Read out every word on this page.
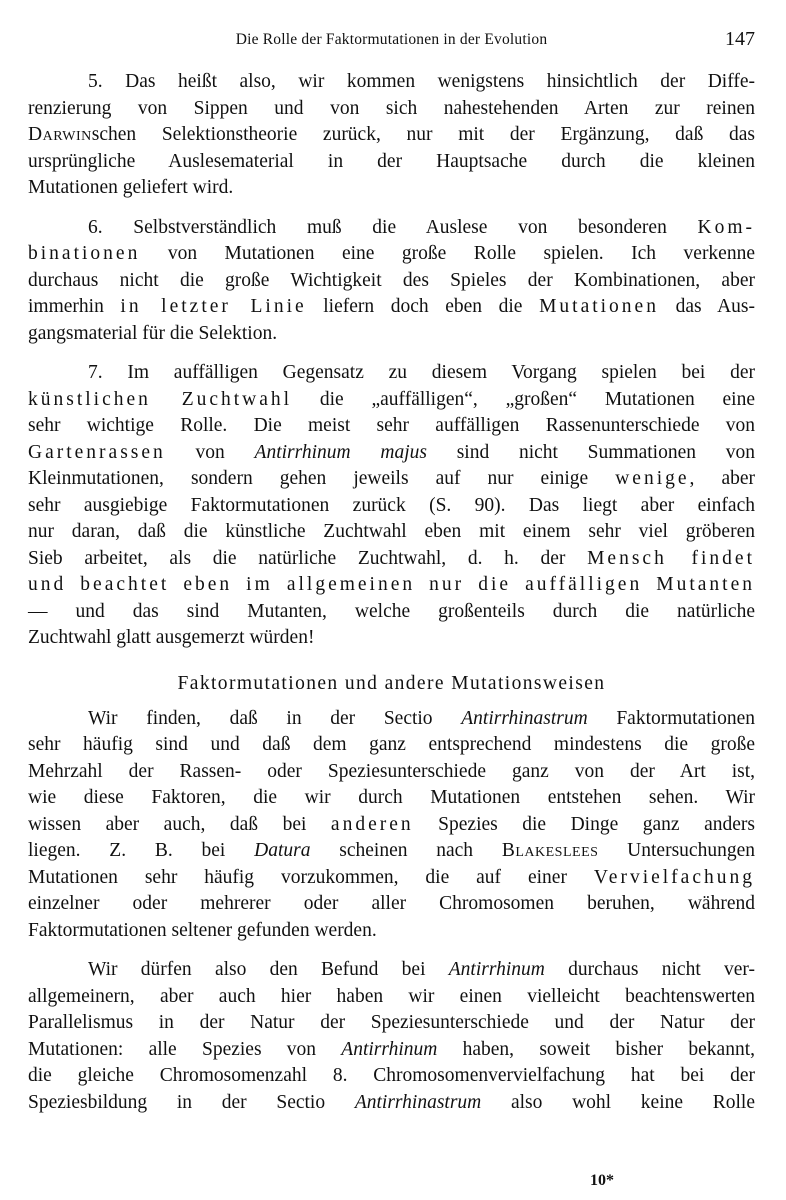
Die Rolle der Faktormutationen in der Evolution	147
5. Das heißt also, wir kommen wenigstens hinsichtlich der Diffe-
renzierung von Sippen und von sich nahestehenden Arten zur reinen
Darwinschen Selektionstheorie zurück, nur mit der Ergänzung, daß das
ursprüngliche Auslesematerial in der Hauptsache durch die kleinen
Mutationen geliefert wird.
6. Selbstverständlich muß die Auslese von besonderen Kom-
binationen von Mutationen eine große Rolle spielen. Ich verkenne
durchaus nicht die große Wichtigkeit des Spieles der Kombinationen, aber
immerhin in letzter Linie liefern doch eben die Mutationen das Aus-
gangsmaterial für die Selektion.
7. Im auffälligen Gegensatz zu diesem Vorgang spielen bei der
künstlichen Zuchtwahl die „auffälligen“, „großen“ Mutationen eine
sehr wichtige Rolle. Die meist sehr auffälligen Rassenunterschiede von
Gartenrassen von Antirrhinum majus sind nicht Summationen von
Kleinmutationen, sondern gehen jeweils auf nur einige wenige, aber
sehr ausgiebige Faktormutationen zurück (S. 90). Das liegt aber einfach
nur daran, daß die künstliche Zuchtwahl eben mit einem sehr viel gröberen
Sieb arbeitet, als die natürliche Zuchtwahl, d. h. der Mensch findet
und beachtet eben im allgemeinen nur die auffälligen Mutanten
— und das sind Mutanten, welche großenteils durch die natürliche
Zuchtwahl glatt ausgemerzt würden!
Faktormutationen und andere Mutationsweisen
Wir finden, daß in der Sectio Antirrhinastrum Faktormutationen
sehr häufig sind und daß dem ganz entsprechend mindestens die große
Mehrzahl der Rassen- oder Speziesunterschiede ganz von der Art ist,
wie diese Faktoren, die wir durch Mutationen entstehen sehen. Wir
wissen aber auch, daß bei anderen Spezies die Dinge ganz anders
liegen. Z. B. bei Datura scheinen nach Blakeslees Untersuchungen
Mutationen sehr häufig vorzukommen, die auf einer Vervielfachung
einzelner oder mehrerer oder aller Chromosomen beruhen, während
Faktormutationen seltener gefunden werden.
Wir dürfen also den Befund bei Antirrhinum durchaus nicht ver-
allgemeinern, aber auch hier haben wir einen vielleicht beachtenswerten
Parallelismus in der Natur der Speziesunterschiede und der Natur der
Mutationen: alle Spezies von Antirrhinum haben, soweit bisher bekannt,
die gleiche Chromosomenzahl 8. Chromosomenvervielfachung hat bei der
Speziesbildung in der Sectio Antirrhinastrum also wohl keine Rolle
10*
